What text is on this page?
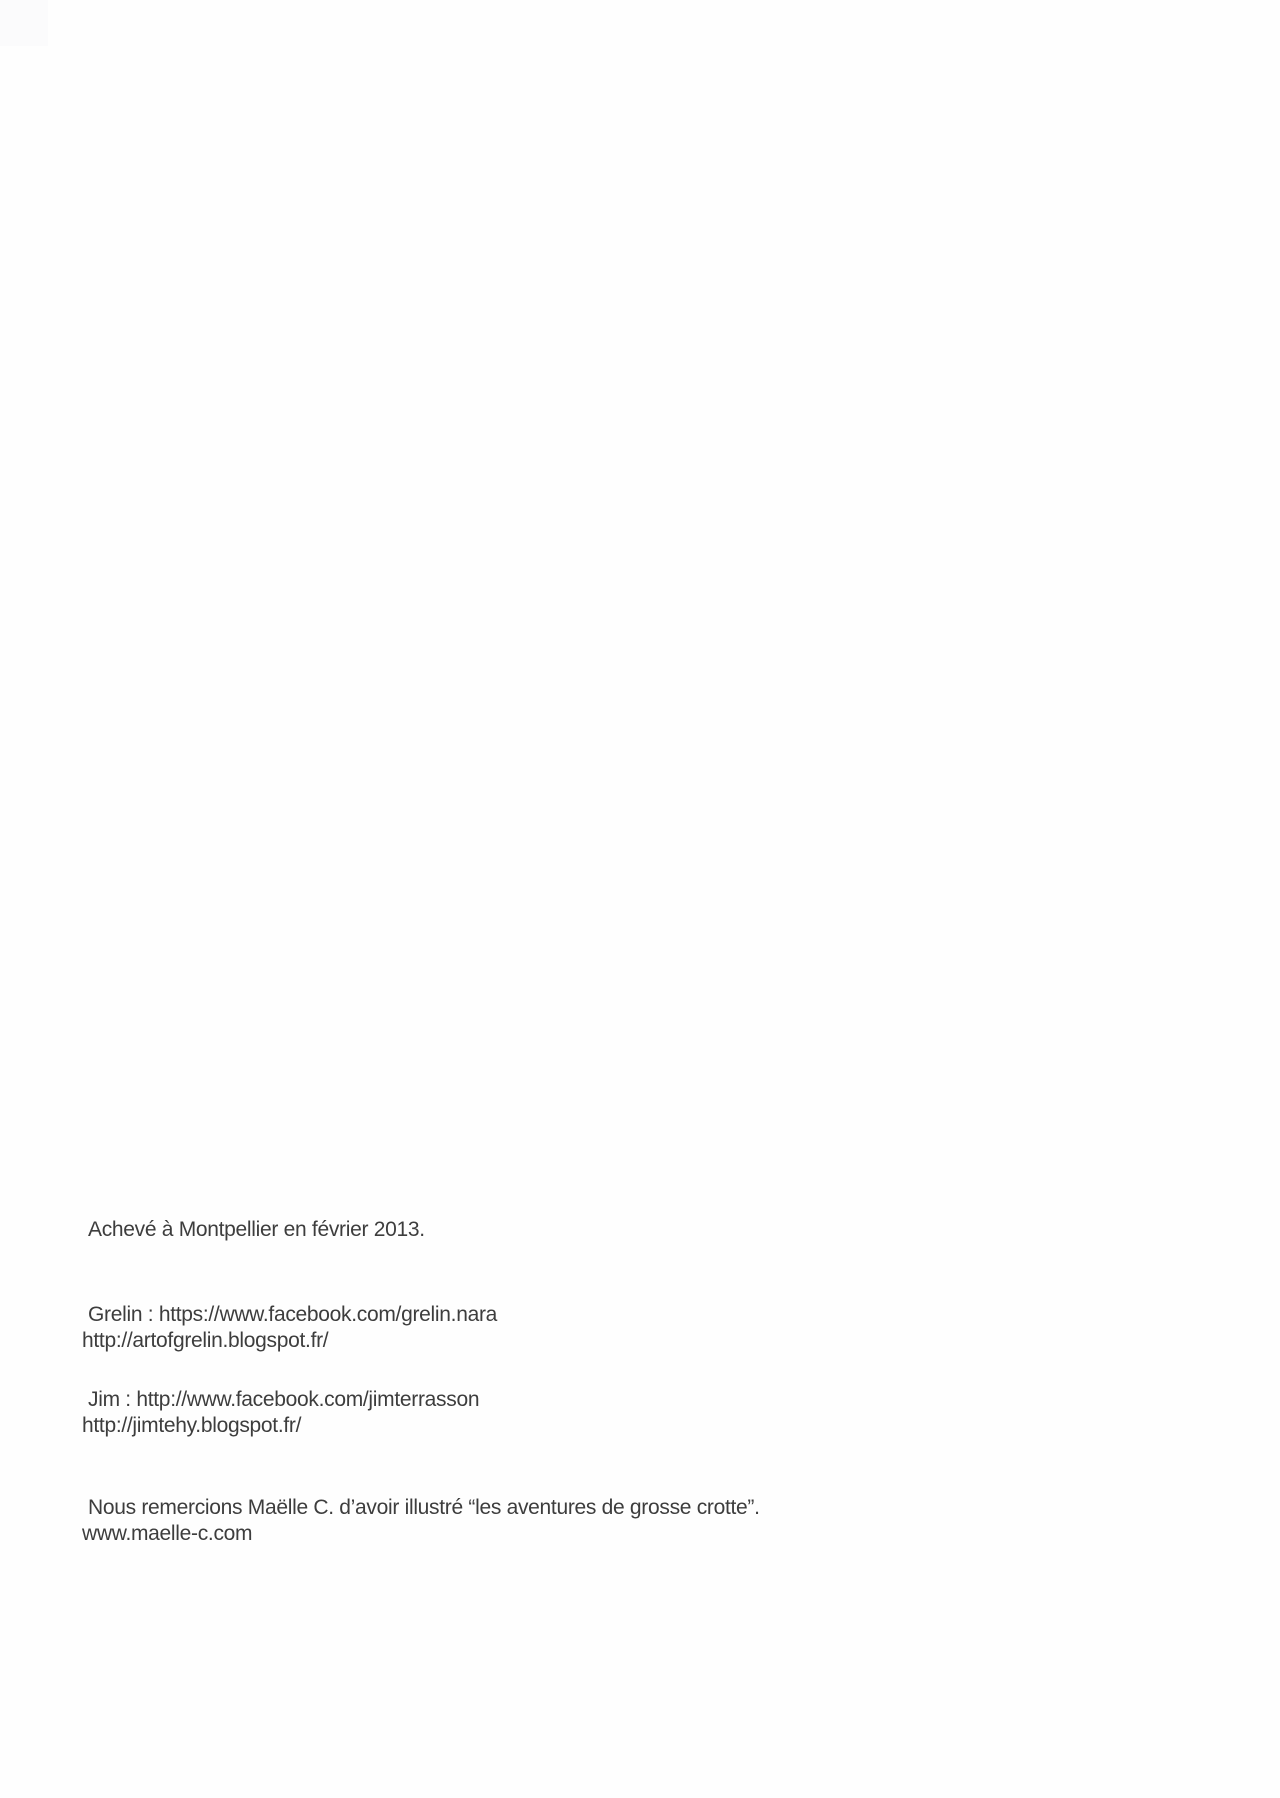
Achevé à Montpellier en février 2013.

Grelin : https://www.facebook.com/grelin.nara
http://artofgrelin.blogspot.fr/

Jim : http://www.facebook.com/jimterrasson
http://jimtehy.blogspot.fr/

Nous remercions Maëlle C. d’avoir illustré “les aventures de grosse crotte”.
www.maelle-c.com
